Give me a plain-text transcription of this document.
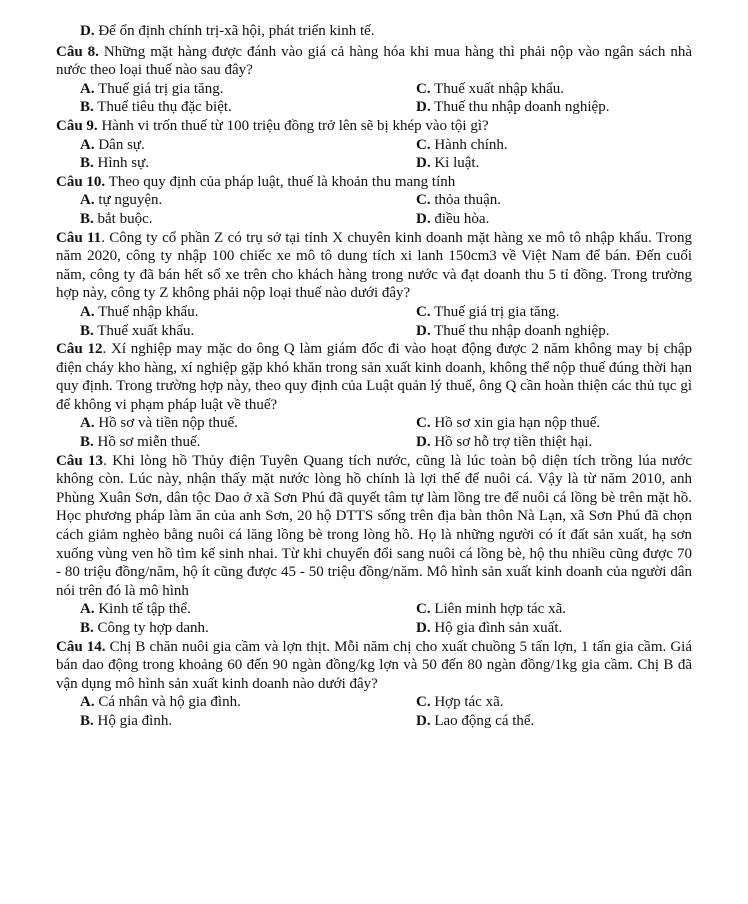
D. Để ổn định chính trị-xã hội, phát triển kinh tế.
Câu 8. Những mặt hàng được đánh vào giá cả hàng hóa khi mua hàng thì phải nộp vào ngân sách nhà nước theo loại thuế nào sau đây?
A. Thuế giá trị gia tăng.	C. Thuế xuất nhập khẩu.
B. Thuế tiêu thụ đặc biệt.	D. Thuế thu nhập doanh nghiệp.
Câu 9. Hành vi trốn thuế từ 100 triệu đồng trở lên sẽ bị khép vào tội gì?
A. Dân sự.	C. Hành chính.
B. Hình sự.	D. Kỉ luật.
Câu 10. Theo quy định của pháp luật, thuế là khoản thu mang tính
A. tự nguyện.	C. thỏa thuận.
B. bắt buộc.	D. điều hòa.
Câu 11. Công ty cổ phần Z có trụ sở tại tỉnh X chuyên kinh doanh mặt hàng xe mô tô nhập khẩu. Trong năm 2020, công ty nhập 100 chiếc xe mô tô dung tích xi lanh 150cm3 về Việt Nam để bán. Đến cuối năm, công ty đã bán hết số xe trên cho khách hàng trong nước và đạt doanh thu 5 tỉ đồng. Trong trường hợp này, công ty Z không phải nộp loại thuế nào dưới đây?
A. Thuế nhập khẩu.	C. Thuế giá trị gia tăng.
B. Thuế xuất khẩu.	D. Thuế thu nhập doanh nghiệp.
Câu 12. Xí nghiệp may mặc do ông Q làm giám đốc đi vào hoạt động được 2 năm không may bị chập điện cháy kho hàng, xí nghiệp gặp khó khăn trong sản xuất kinh doanh, không thể nộp thuế đúng thời hạn quy định. Trong trường hợp này, theo quy định của Luật quản lý thuế, ông Q cần hoàn thiện các thủ tục gì để không vi phạm pháp luật về thuế?
A. Hồ sơ và tiền nộp thuế.	C. Hồ sơ xin gia hạn nộp thuế.
B. Hồ sơ miễn thuế.	D. Hồ sơ hỗ trợ tiền thiệt hại.
Câu 13. Khi lòng hồ Thủy điện Tuyên Quang tích nước, cũng là lúc toàn bộ diện tích trồng lúa nước không còn. Lúc này, nhận thấy mặt nước lòng hồ chính là lợi thế để nuôi cá. Vậy là từ năm 2010, anh Phùng Xuân Sơn, dân tộc Dao ở xã Sơn Phú đã quyết tâm tự làm lồng tre để nuôi cá lồng bè trên mặt hồ. Học phương pháp làm ăn của anh Sơn, 20 hộ DTTS sống trên địa bàn thôn Nà Lạn, xã Sơn Phú đã chọn cách giảm nghèo bằng nuôi cá lăng lồng bè trong lòng hồ. Họ là những người có ít đất sản xuất, hạ sơn xuống vùng ven hồ tìm kế sinh nhai. Từ khi chuyển đổi sang nuôi cá lồng bè, hộ thu nhiều cũng được 70 - 80 triệu đồng/năm, hộ ít cũng được 45 - 50 triệu đồng/năm. Mô hình sản xuất kinh doanh của người dân nói trên đó là mô hình
A. Kinh tế tập thể.	C. Liên minh hợp tác xã.
B. Công ty hợp danh.	D. Hộ gia đình sản xuất.
Câu 14. Chị B chăn nuôi gia cầm và lợn thịt. Mỗi năm chị cho xuất chuồng 5 tấn lợn, 1 tấn gia cầm. Giá bán dao động trong khoảng 60 đến 90 ngàn đồng/kg lợn và 50 đến 80 ngàn đồng/1kg gia cầm. Chị B đã vận dụng mô hình sản xuất kinh doanh nào dưới đây?
A. Cá nhân và hộ gia đình.	C. Hợp tác xã.
B. Hộ gia đình.	D. Lao động cá thể.
